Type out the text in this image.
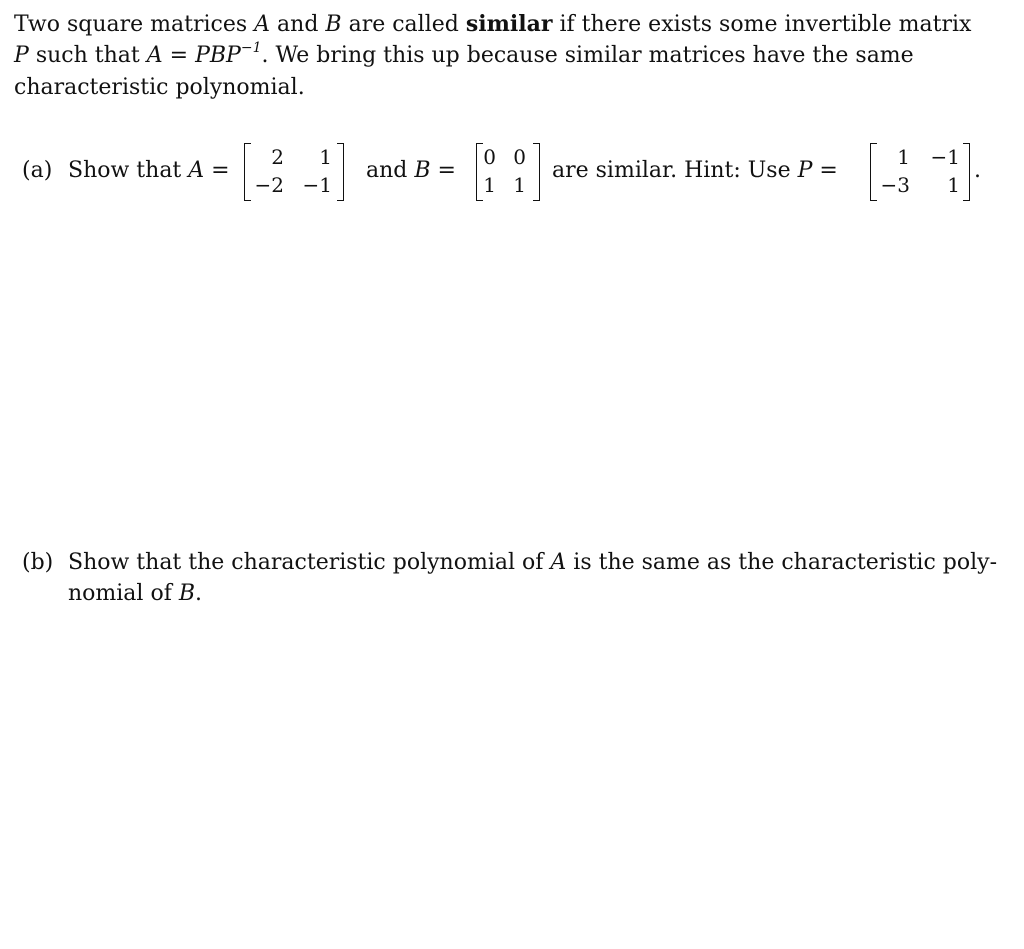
Two square matrices A and B are called similar if there exists some invertible matrix
P such that $A = PBP^{-1}$. We bring this up because similar matrices have the same
characteristic polynomial.
(a) Show that A =
2	1
−2 −1
and B =
0 0
1 1
are similar. Hint: Use P =
1 −1
−3	1
.
(b) Show that the characteristic polynomial of A is the same as the characteristic poly-
nomial of B.
